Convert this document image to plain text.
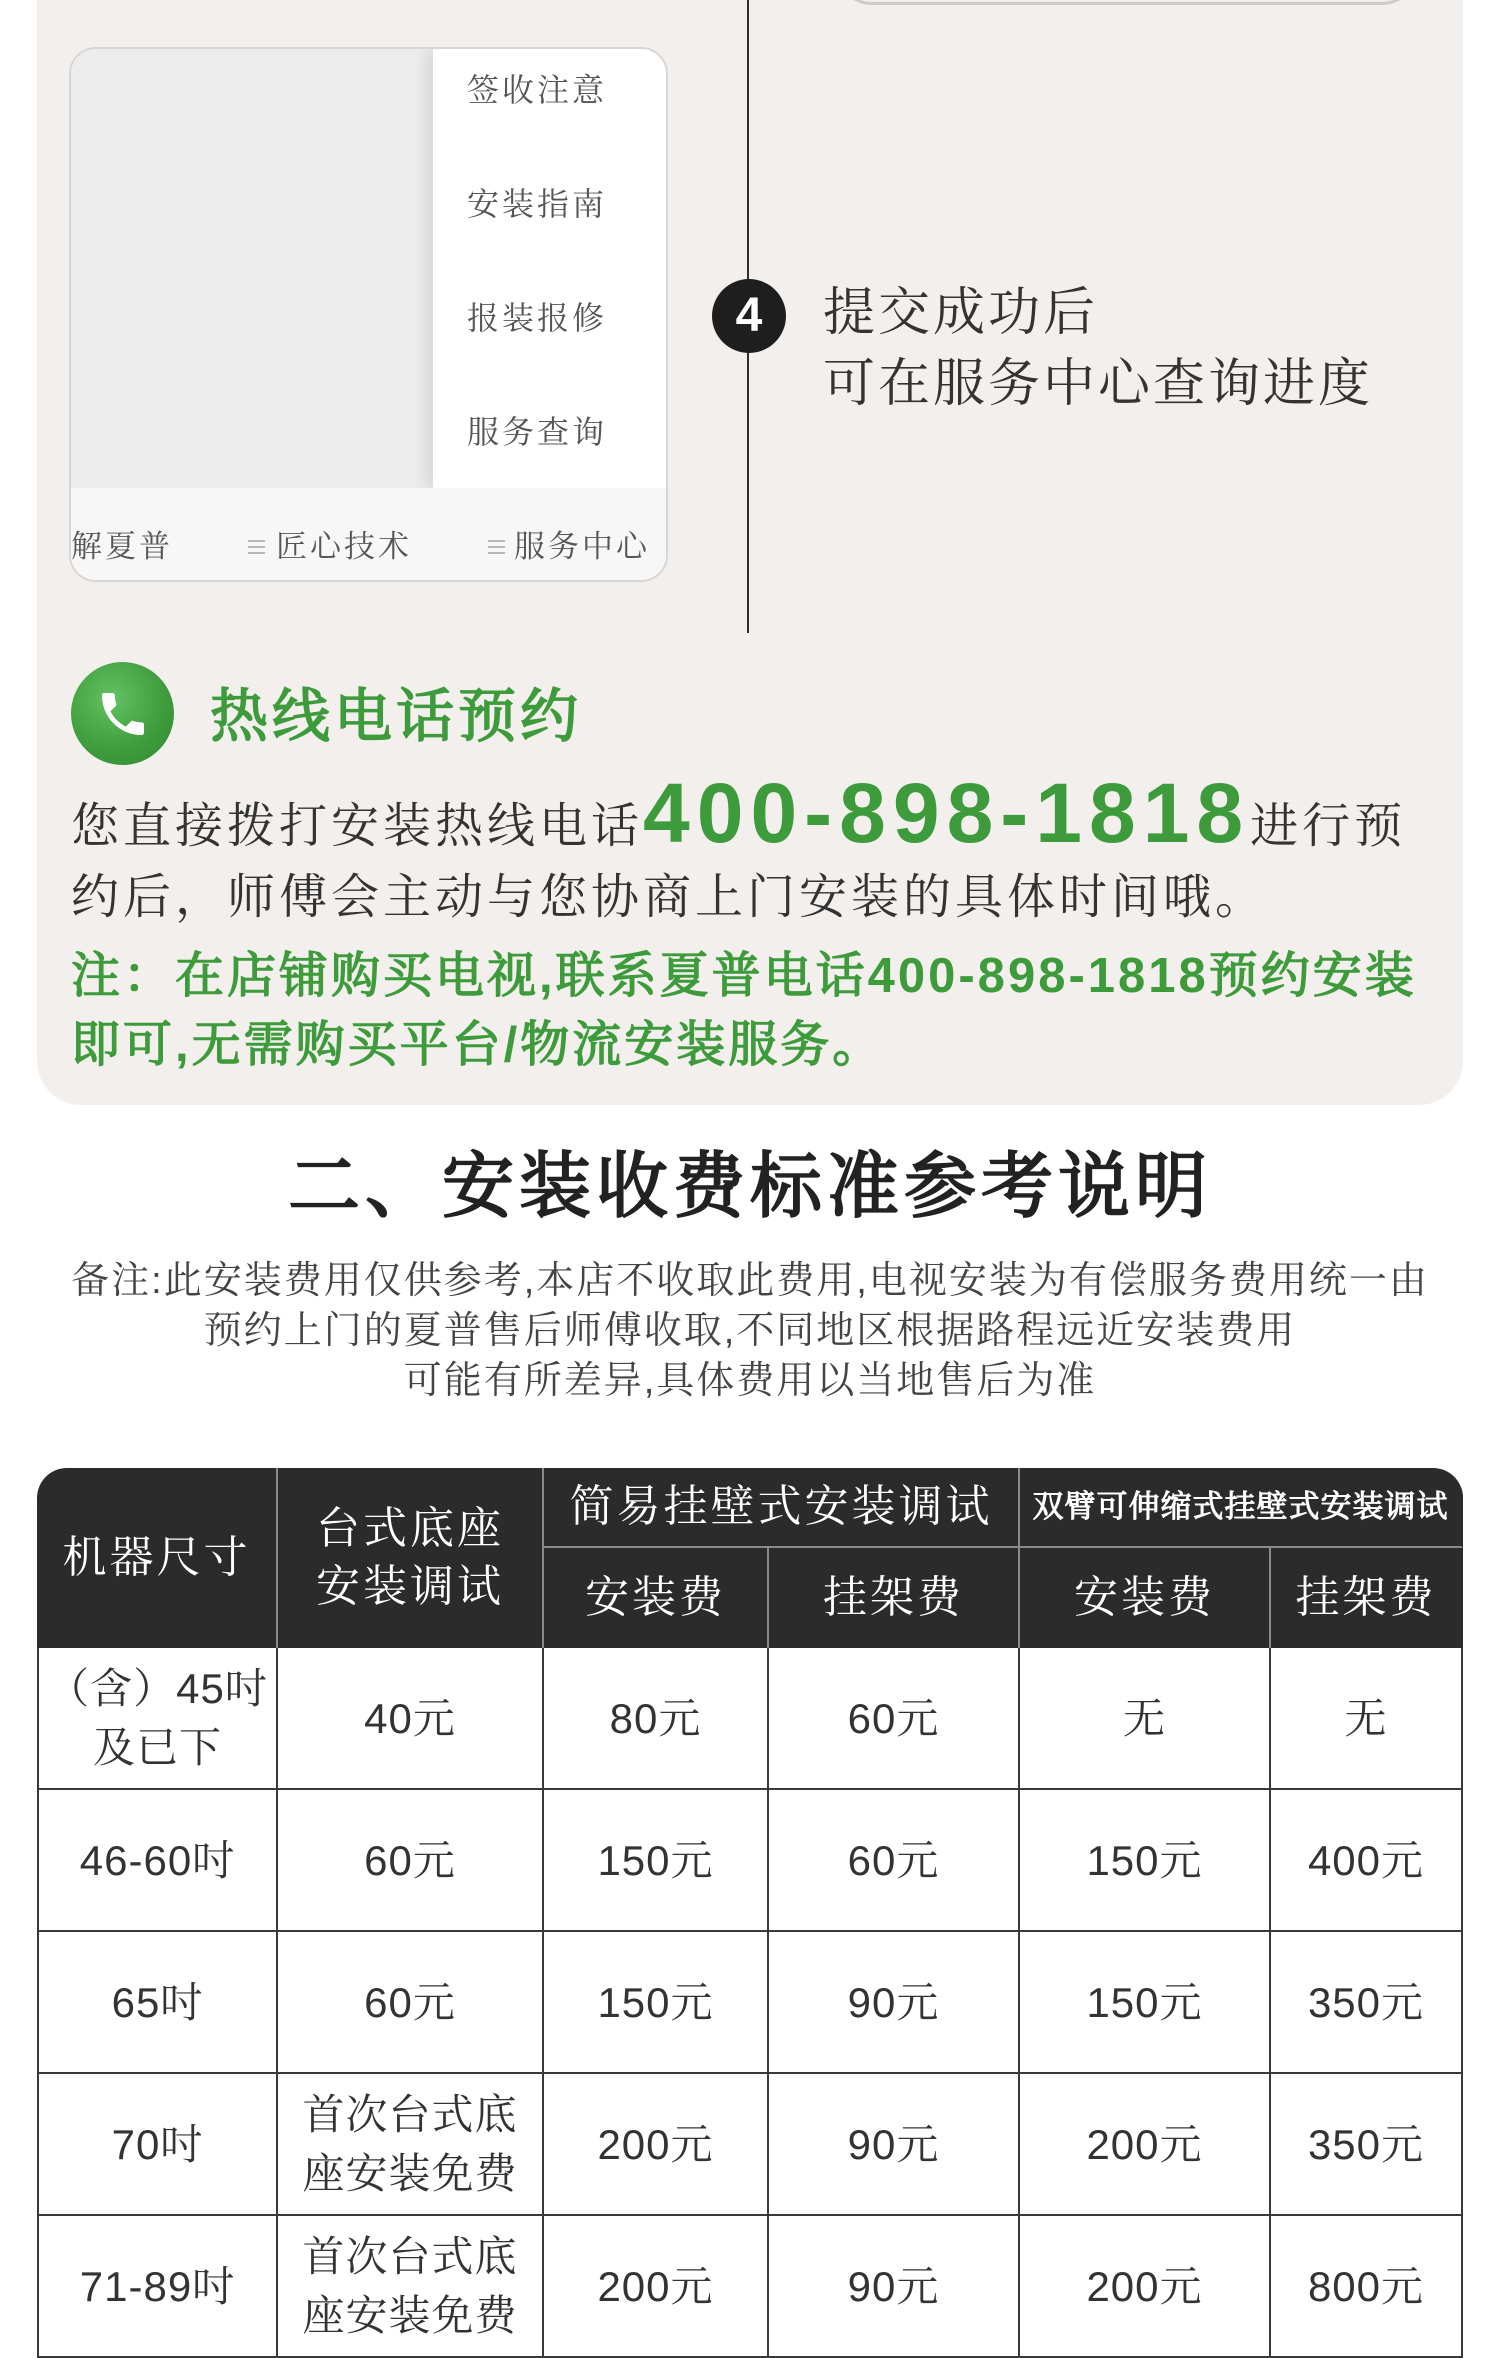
签收注意
安装指南
报装报修
服务查询
解夏普	匠心技术	服务中心
4	提交成功后
可在服务中心查询进度
热线电话预约

您直接拨打安装热线电话400-898-1818进行预约后，师傅会主动与您协商上门安装的具体时间哦。

注：在店铺购买电视,联系夏普电话400-898-1818预约安装即可,无需购买平台/物流安装服务。

二、安装收费标准参考说明
备注:此安装费用仅供参考,本店不收取此费用,电视安装为有偿服务费用统一由
预约上门的夏普售后师傅收取,不同地区根据路程远近安装费用
可能有所差异,具体费用以当地售后为准
机器尺寸	台式底座安装调试	简易挂壁式安装调试		双臂可伸缩式挂壁式安装调试	
		安装费	挂架费	安装费	挂架费
（含）45吋及已下	40元	80元	60元	无	无
46-60吋	60元	150元	60元	150元	400元
65吋	60元	150元	90元	150元	350元
70吋	首次台式底座安装免费	200元	90元	200元	350元
71-89吋	首次台式底座安装免费	200元	90元	200元	800元
